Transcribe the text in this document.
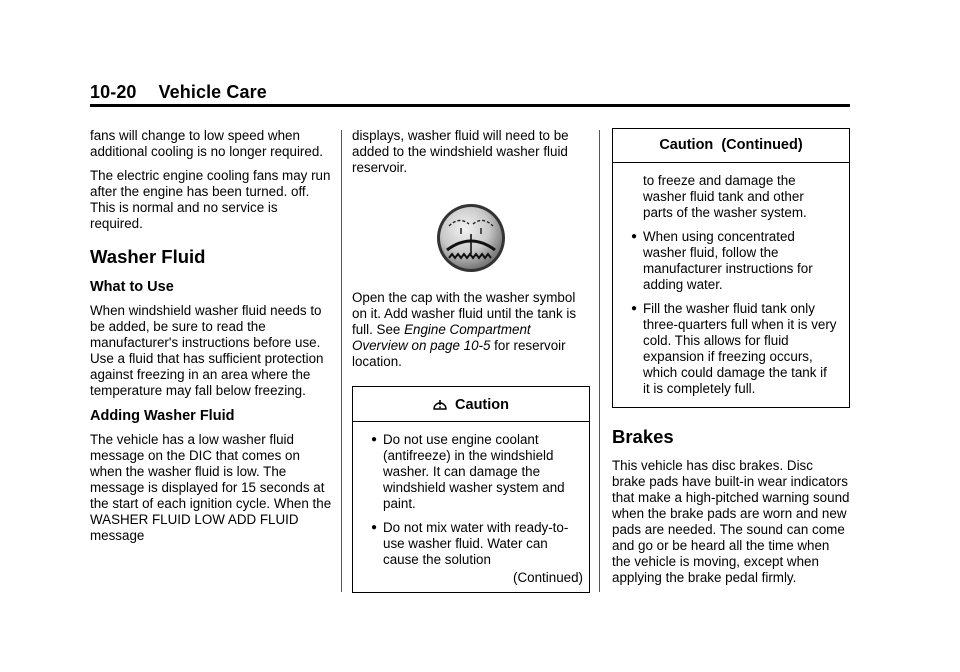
10-20 Vehicle Care

fans will change to low speed when additional cooling is no longer required.

The electric engine cooling fans may run after the engine has been turned. off. This is normal and no service is required.

Washer Fluid
What to Use

When windshield washer fluid needs to be added, be sure to read the manufacturer's instructions before use. Use a fluid that has sufficient protection against freezing in an area where the temperature may fall below freezing.

Adding Washer Fluid

The vehicle has a low washer fluid message on the DIC that comes on when the washer fluid is low. The message is displayed for 15 seconds at the start of each ignition cycle. When the WASHER FLUID LOW ADD FLUID message

displays, washer fluid will need to be added to the windshield washer fluid reservoir.

Open the cap with the washer symbol on it. Add washer fluid until the tank is full. See Engine Compartment Overview on page 10-5 for reservoir location.

Caution
● Do not use engine coolant (antifreeze) in the windshield washer. It can damage the windshield washer system and paint.
● Do not mix water with ready-to-use washer fluid. Water can cause the solution
(Continued)
Caution  (Continued)
to freeze and damage the washer fluid tank and other parts of the washer system.
● When using concentrated washer fluid, follow the manufacturer instructions for adding water.
● Fill the washer fluid tank only three-quarters full when it is very cold. This allows for fluid expansion if freezing occurs, which could damage the tank if it is completely full.
Brakes

This vehicle has disc brakes. Disc brake pads have built-in wear indicators that make a high-pitched warning sound when the brake pads are worn and new pads are needed. The sound can come and go or be heard all the time when the vehicle is moving, except when applying the brake pedal firmly.
